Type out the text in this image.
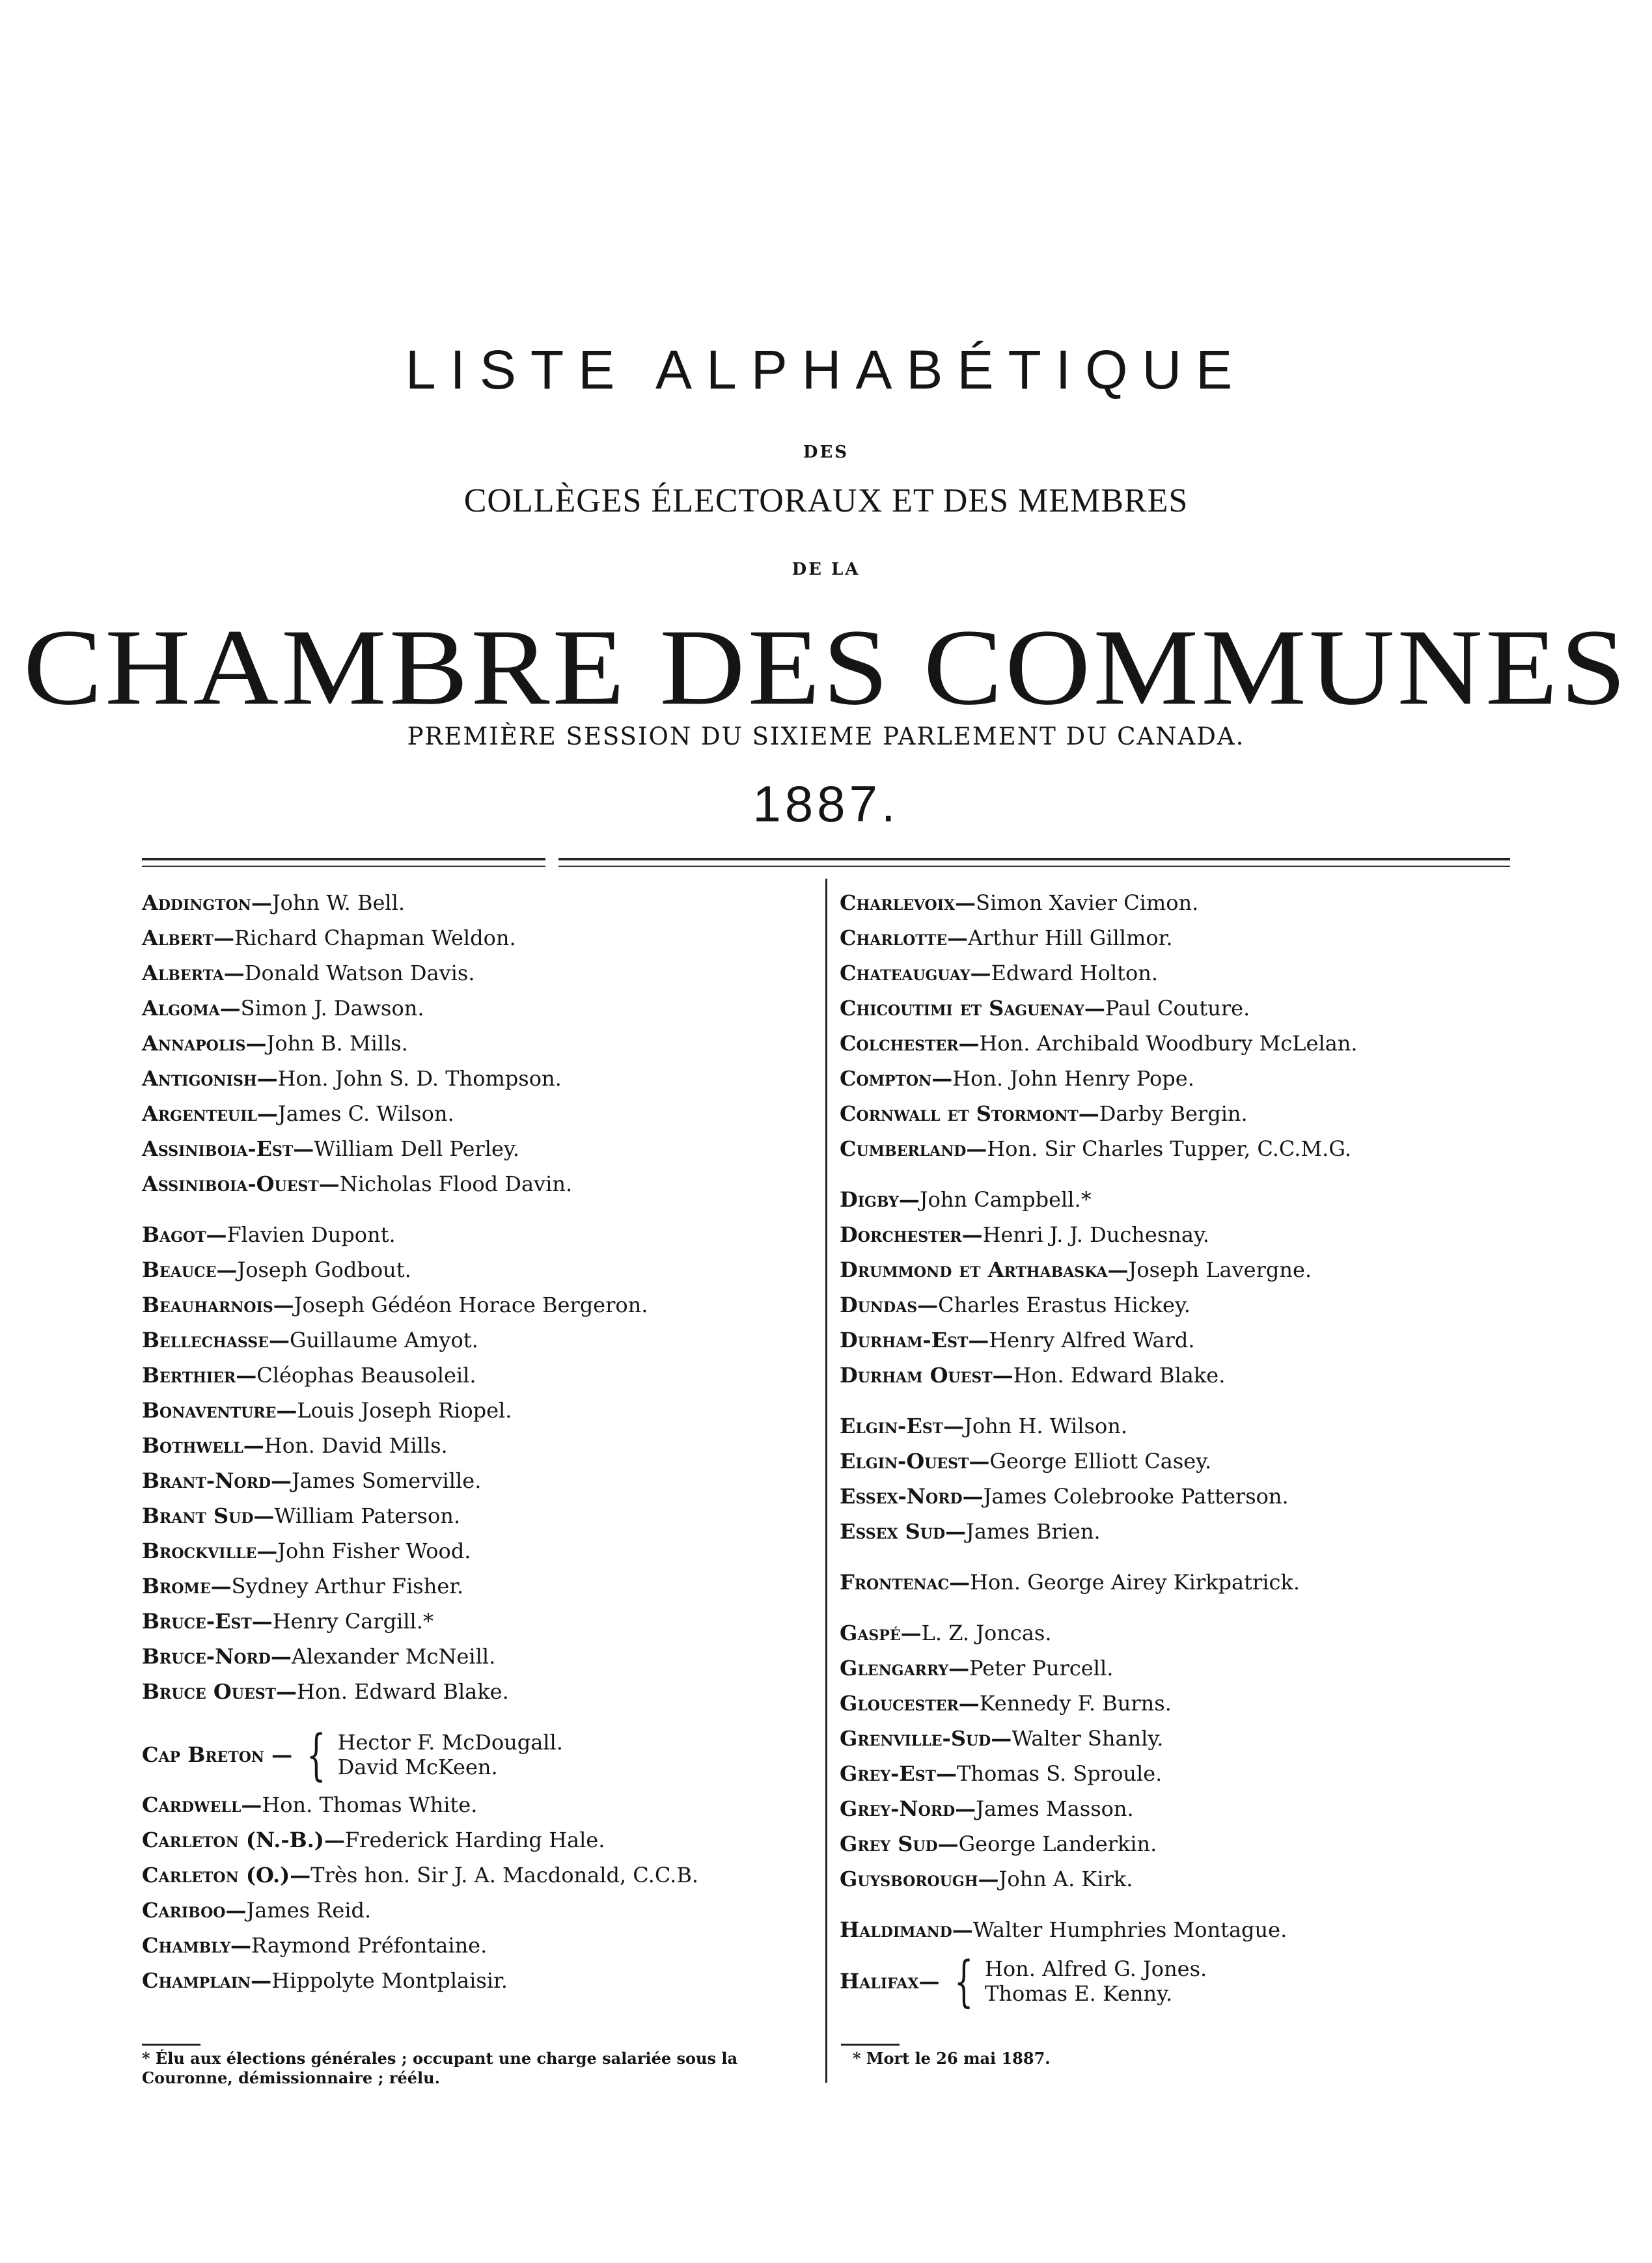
LISTE ALPHABÉTIQUE
DES
COLLÈGES ÉLECTORAUX ET DES MEMBRES
DE LA
CHAMBRE DES COMMUNES
PREMIÈRE SESSION DU SIXIEME PARLEMENT DU CANADA.
1887.
Addington—John W. Bell.
Albert—Richard Chapman Weldon.
Alberta—Donald Watson Davis.
Algoma—Simon J. Dawson.
Annapolis—John B. Mills.
Antigonish—Hon. John S. D. Thompson.
Argenteuil—James C. Wilson.
Assiniboia-Est—William Dell Perley.
Assiniboia-Ouest—Nicholas Flood Davin.
Bagot—Flavien Dupont.
Beauce—Joseph Godbout.
Beauharnois—Joseph Gédéon Horace Bergeron.
Bellechasse—Guillaume Amyot.
Berthier—Cléophas Beausoleil.
Bonaventure—Louis Joseph Riopel.
Bothwell—Hon. David Mills.
Brant-Nord—James Somerville.
Brant Sud—William Paterson.
Brockville—John Fisher Wood.
Brome—Sydney Arthur Fisher.
Bruce-Est—Henry Cargill.*
Bruce-Nord—Alexander McNeill.
Bruce Ouest—Hon. Edward Blake.
Cap Breton — { Hector F. McDougall.
David McKeen.
Cardwell—Hon. Thomas White.
Carleton (N.-B.)—Frederick Harding Hale.
Carleton (O.)—Très hon. Sir J. A. Macdonald, C.C.B.
Cariboo—James Reid.
Chambly—Raymond Préfontaine.
Champlain—Hippolyte Montplaisir.
Charlevoix—Simon Xavier Cimon.
Charlotte—Arthur Hill Gillmor.
Chateauguay—Edward Holton.
Chicoutimi et Saguenay—Paul Couture.
Colchester—Hon. Archibald Woodbury McLelan.
Compton—Hon. John Henry Pope.
Cornwall et Stormont—Darby Bergin.
Cumberland—Hon. Sir Charles Tupper, C.C.M.G.
Digby—John Campbell.*
Dorchester—Henri J. J. Duchesnay.
Drummond et Arthabaska—Joseph Lavergne.
Dundas—Charles Erastus Hickey.
Durham-Est—Henry Alfred Ward.
Durham Ouest—Hon. Edward Blake.
Elgin-Est—John H. Wilson.
Elgin-Ouest—George Elliott Casey.
Essex-Nord—James Colebrooke Patterson.
Essex Sud—James Brien.
Frontenac—Hon. George Airey Kirkpatrick.
Gaspé—L. Z. Joncas.
Glengarry—Peter Purcell.
Gloucester—Kennedy F. Burns.
Grenville-Sud—Walter Shanly.
Grey-Est—Thomas S. Sproule.
Grey-Nord—James Masson.
Grey Sud—George Landerkin.
Guysborough—John A. Kirk.
Haldimand—Walter Humphries Montague.
Halifax — { Hon. Alfred G. Jones.
Thomas E. Kenny.
* Élu aux élections générales ; occupant une charge salariée sous la Couronne, démissionnaire ; réélu.
* Mort le 26 mai 1887.
